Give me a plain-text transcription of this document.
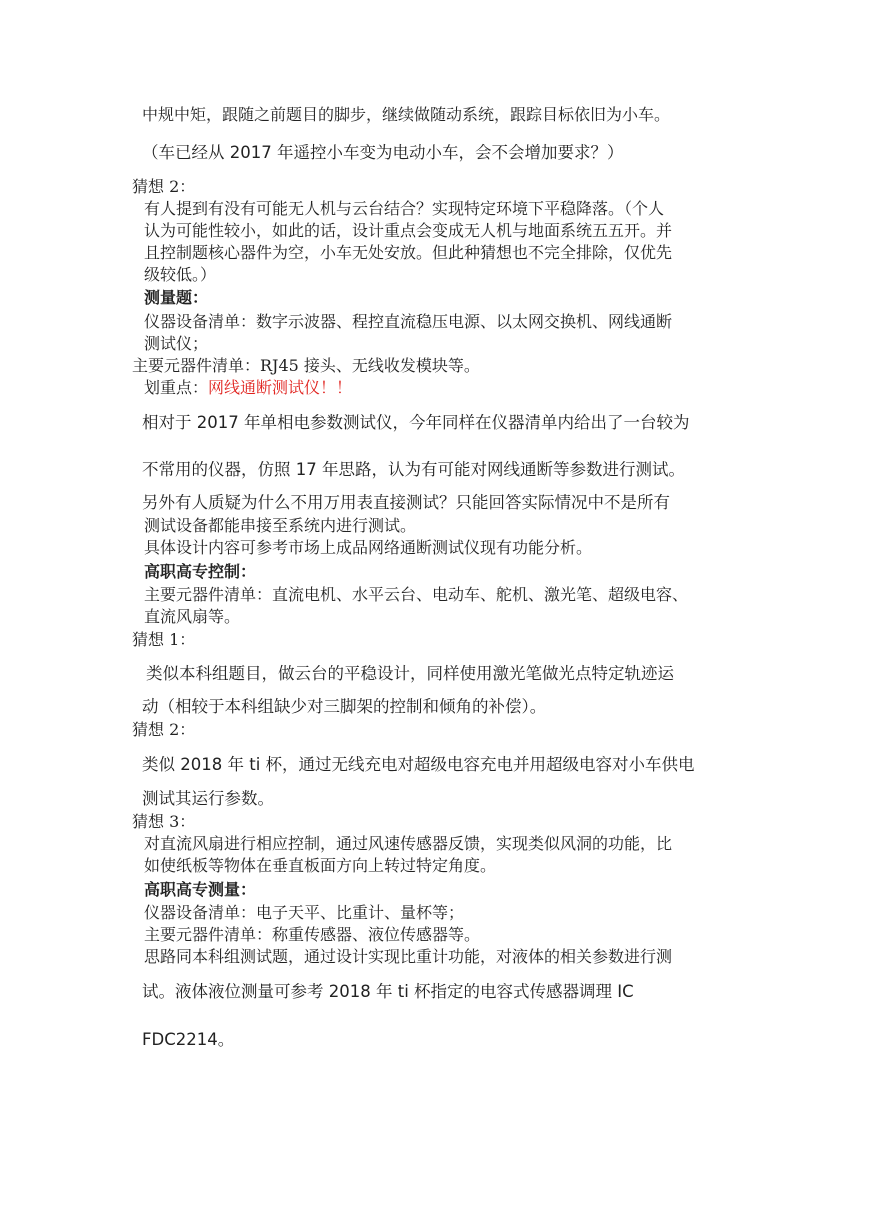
中规中矩，跟随之前题目的脚步，继续做随动系统，跟踪目标依旧为小车。
（车已经从 2017 年遥控小车变为电动小车，会不会增加要求？）
猜想 2：
有人提到有没有可能无人机与云台结合？实现特定环境下平稳降落。（个人
认为可能性较小，如此的话，设计重点会变成无人机与地面系统五五开。并
且控制题核心器件为空，小车无处安放。但此种猜想也不完全排除，仅优先
级较低。）
测量题：
仪器设备清单：数字示波器、程控直流稳压电源、以太网交换机、网线通断
测试仪；
主要元器件清单：RJ45 接头、无线收发模块等。
划重点：网线通断测试仪！！
相对于 2017 年单相电参数测试仪，今年同样在仪器清单内给出了一台较为
不常用的仪器，仿照 17 年思路，认为有可能对网线通断等参数进行测试。
另外有人质疑为什么不用万用表直接测试？只能回答实际情况中不是所有
测试设备都能串接至系统内进行测试。
具体设计内容可参考市场上成品网络通断测试仪现有功能分析。
高职高专控制：
主要元器件清单：直流电机、水平云台、电动车、舵机、激光笔、超级电容、
直流风扇等。
猜想 1：
类似本科组题目，做云台的平稳设计，同样使用激光笔做光点特定轨迹运
动（相较于本科组缺少对三脚架的控制和倾角的补偿）。
猜想 2：
类似 2018 年 ti 杯，通过无线充电对超级电容充电并用超级电容对小车供电
测试其运行参数。
猜想 3：
对直流风扇进行相应控制，通过风速传感器反馈，实现类似风洞的功能，比
如使纸板等物体在垂直板面方向上转过特定角度。
高职高专测量：
仪器设备清单：电子天平、比重计、量杯等；
主要元器件清单：称重传感器、液位传感器等。
思路同本科组测试题，通过设计实现比重计功能，对液体的相关参数进行测
试。液体液位测量可参考 2018 年 ti 杯指定的电容式传感器调理 IC
FDC2214。
